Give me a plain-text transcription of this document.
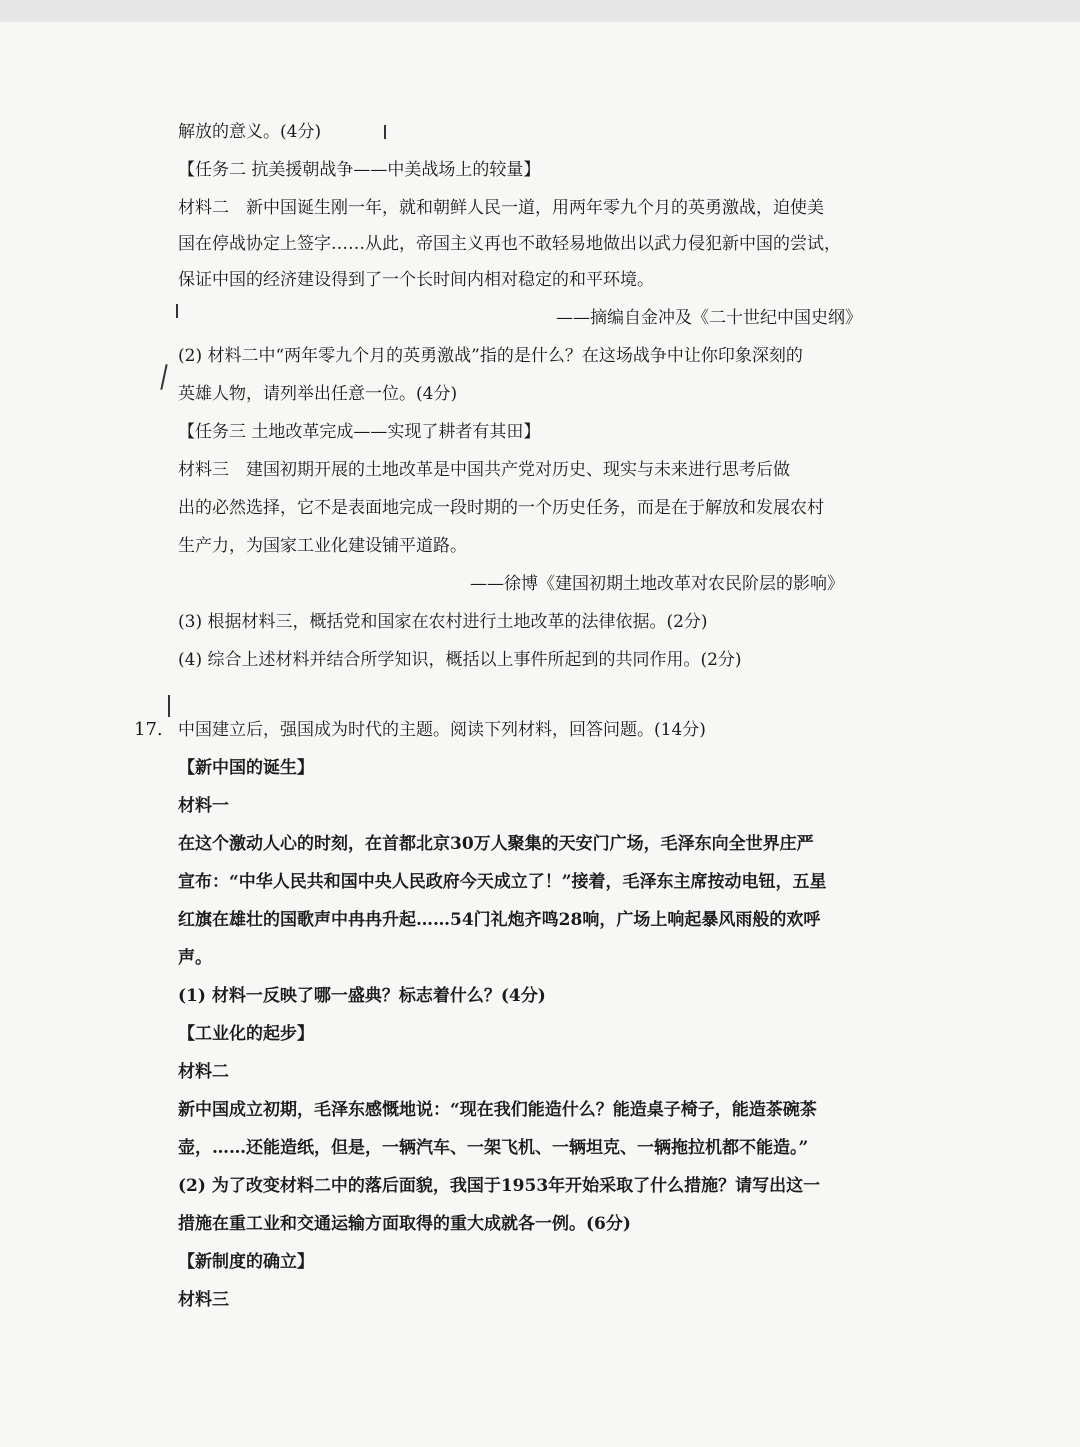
解放的意义。(4分)
【任务二 抗美援朝战争——中美战场上的较量】
材料二　新中国诞生刚一年，就和朝鲜人民一道，用两年零九个月的英勇激战，迫使美
国在停战协定上签字……从此，帝国主义再也不敢轻易地做出以武力侵犯新中国的尝试，
保证中国的经济建设得到了一个长时间内相对稳定的和平环境。
——摘编自金冲及《二十世纪中国史纲》
(2) 材料二中“两年零九个月的英勇激战”指的是什么？在这场战争中让你印象深刻的
英雄人物，请列举出任意一位。(4分)
【任务三 土地改革完成——实现了耕者有其田】
材料三　建国初期开展的土地改革是中国共产党对历史、现实与未来进行思考后做
出的必然选择，它不是表面地完成一段时期的一个历史任务，而是在于解放和发展农村
生产力，为国家工业化建设铺平道路。
——徐博《建国初期土地改革对农民阶层的影响》
(3) 根据材料三，概括党和国家在农村进行土地改革的法律依据。(2分)
(4) 综合上述材料并结合所学知识，概括以上事件所起到的共同作用。(2分)
17. 中国建立后，强国成为时代的主题。阅读下列材料，回答问题。(14分)
【新中国的诞生】
材料一
在这个激动人心的时刻，在首都北京30万人聚集的天安门广场，毛泽东向全世界庄严
宣布：“中华人民共和国中央人民政府今天成立了！”接着，毛泽东主席按动电钮，五星
红旗在雄壮的国歌声中冉冉升起……54门礼炮齐鸣28响，广场上响起暴风雨般的欢呼
声。
(1) 材料一反映了哪一盛典？标志着什么？(4分)
【工业化的起步】
材料二
新中国成立初期，毛泽东感慨地说：“现在我们能造什么？能造桌子椅子，能造茶碗茶
壶，……还能造纸，但是，一辆汽车、一架飞机、一辆坦克、一辆拖拉机都不能造。”
(2) 为了改变材料二中的落后面貌，我国于1953年开始采取了什么措施？请写出这一
措施在重工业和交通运输方面取得的重大成就各一例。(6分)
【新制度的确立】
材料三
